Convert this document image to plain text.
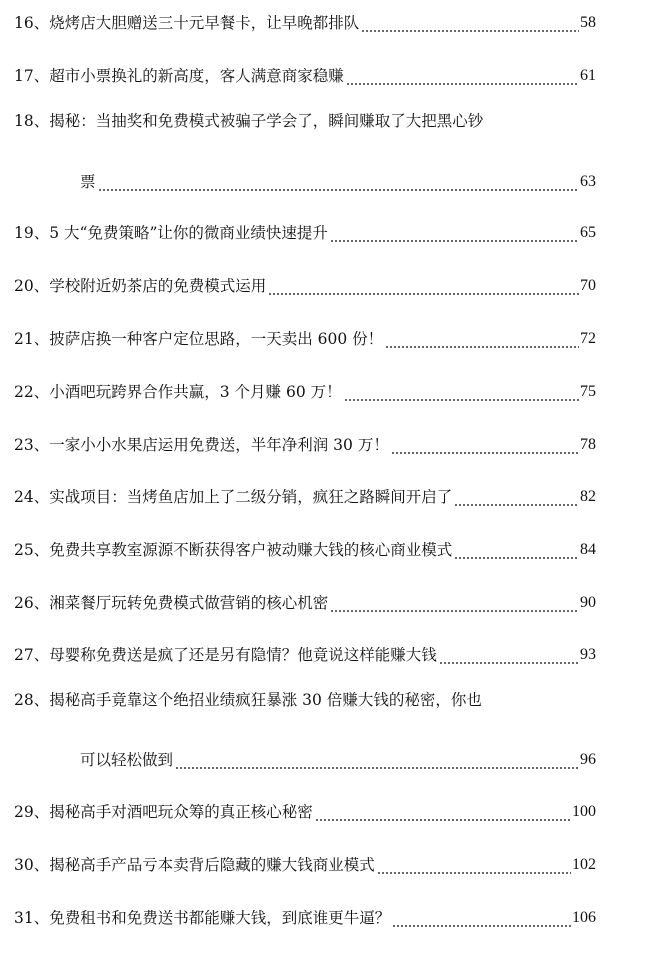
16、 烧烤店大胆赠送三十元早餐卡，让早晚都排队	58
17、 超市小票换礼的新高度，客人满意商家稳赚	61
18、揭秘：当抽奖和免费模式被骗子学会了，瞬间赚取了大把黑心钞
票	63
19、 5 大“免费策略”让你的微商业绩快速提升	65
20、 学校附近奶茶店的免费模式运用	70
21、 披萨店换一种客户定位思路，一天卖出 600 份！	72
22、 小酒吧玩跨界合作共赢，3 个月赚 60 万！	75
23、 一家小小水果店运用免费送，半年净利润 30 万！	78
24、 实战项目：当烤鱼店加上了二级分销，疯狂之路瞬间开启了	82
25、 免费共享教室源源不断获得客户被动赚大钱的核心商业模式	84
26、 湘菜餐厅玩转免费模式做营销的核心机密	90
27、 母婴称免费送是疯了还是另有隐情？他竟说这样能赚大钱	93
28、揭秘高手竟靠这个绝招业绩疯狂暴涨 30 倍赚大钱的秘密，你也
可以轻松做到	96
29、 揭秘高手对酒吧玩众筹的真正核心秘密	100
30、 揭秘高手产品亏本卖背后隐藏的赚大钱商业模式	102
31、 免费租书和免费送书都能赚大钱，到底谁更牛逼？	106
